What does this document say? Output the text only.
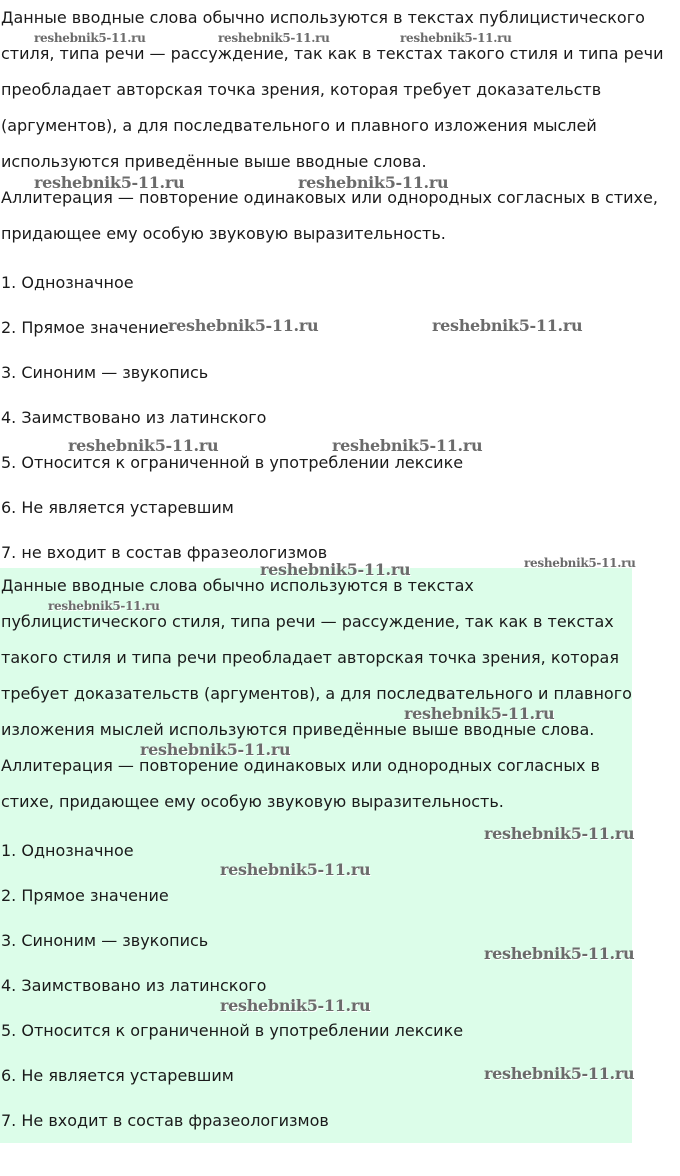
Данные вводные слова обычно используются в текстах публицистического стиля, типа речи — рассуждение, так как в текстах такого стиля и типа речи преобладает авторская точка зрения, которая требует доказательств (аргументов), а для последвательного и плавного изложения мыслей используются приведённые выше вводные слова.

Аллитерация — повторение одинаковых или однородных согласных в стихе, придающее ему особую звуковую выразительность.

1. Однозначное

2. Прямое значение

3. Синоним — звукопись

4. Заимствовано из латинского

5. Относится к ограниченной в употреблении лексике

6. Не является устаревшим

7. не входит в состав фразеологизмов

Данные вводные слова обычно используются в текстах публицистического стиля, типа речи — рассуждение, так как в текстах такого стиля и типа речи преобладает авторская точка зрения, которая требует доказательств (аргументов), а для последвательного и плавного изложения мыслей используются приведённые выше вводные слова.

Аллитерация — повторение одинаковых или однородных согласных в стихе, придающее ему особую звуковую выразительность.

1. Однозначное

2. Прямое значение

3. Синоним — звукопись

4. Заимствовано из латинского

5. Относится к ограниченной в употреблении лексике

6. Не является устаревшим

7. Не входит в состав фразеологизмов

reshebnik5-11.ru	reshebnik5-11.ru	reshebnik5-11.ru
reshebnik5-11.ru	reshebnik5-11.ru
reshebnik5-11.ru	reshebnik5-11.ru
reshebnik5-11.ru	reshebnik5-11.ru
reshebnik5-11.ru	reshebnik5-11.ru
reshebnik5-11.ru
reshebnik5-11.ru
reshebnik5-11.ru
reshebnik5-11.ru
reshebnik5-11.ru
reshebnik5-11.ru
reshebnik5-11.ru
reshebnik5-11.ru
